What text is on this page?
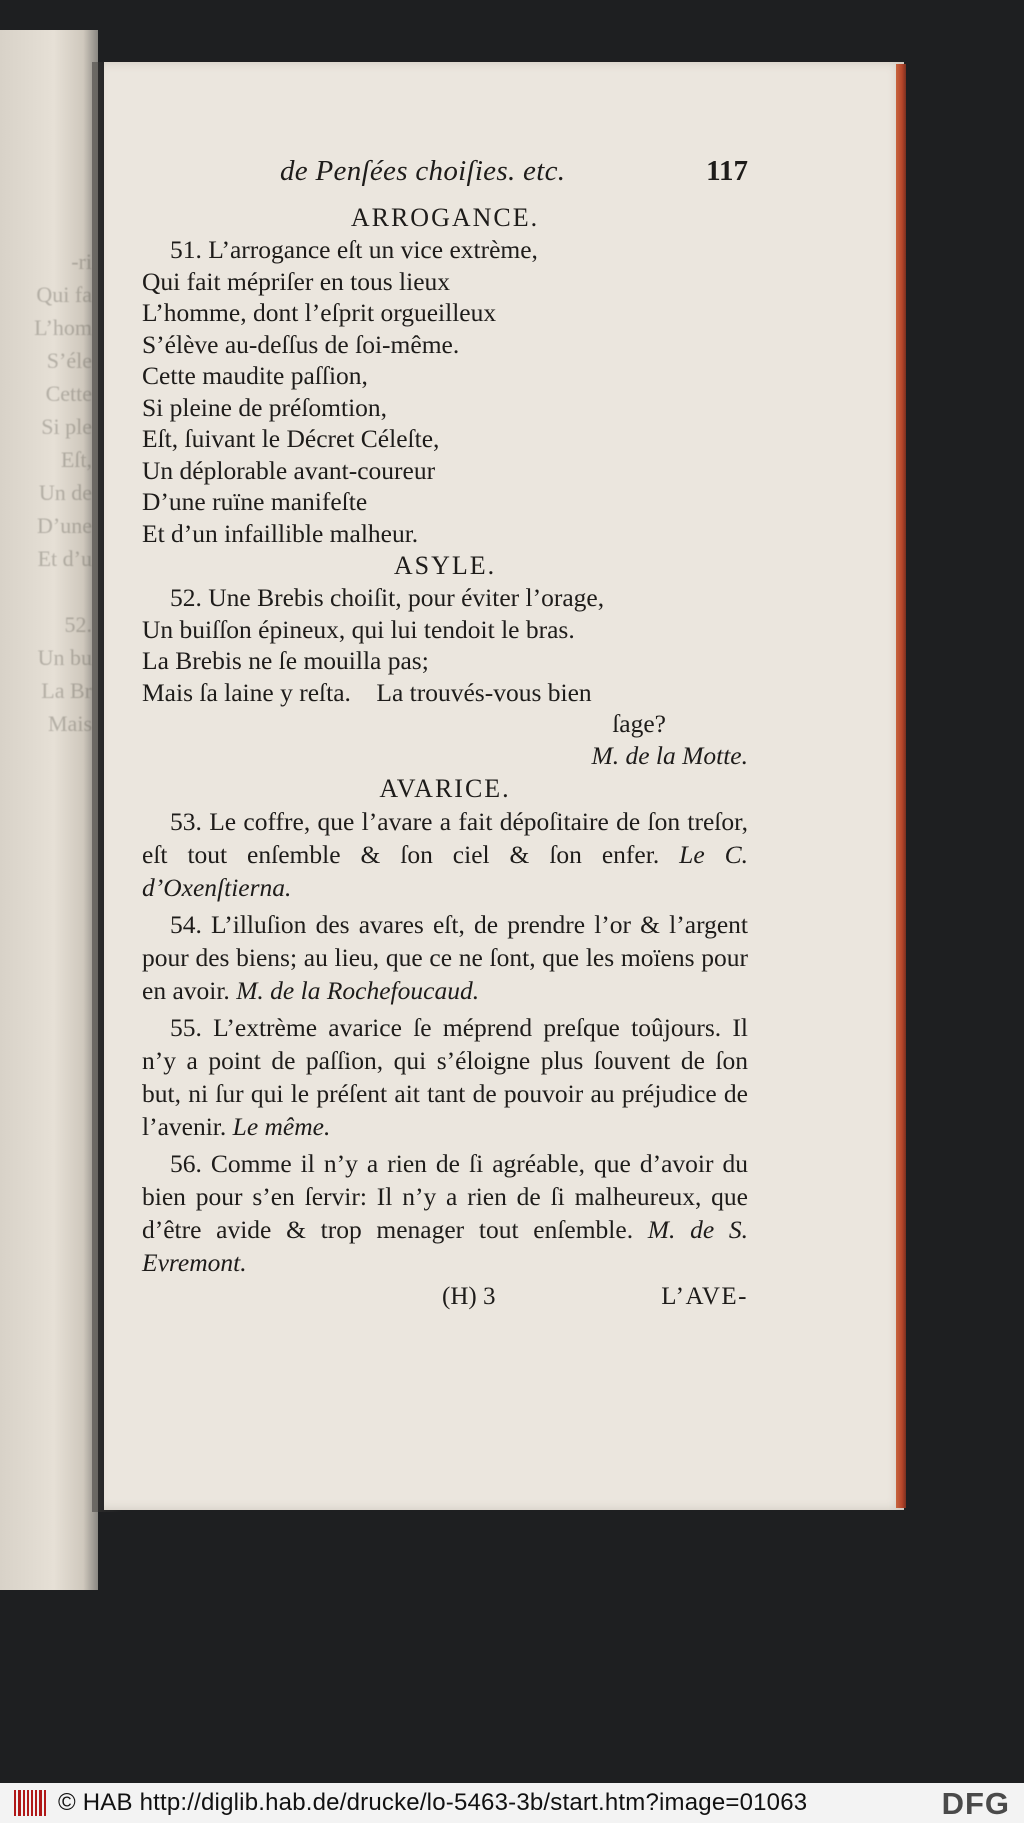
-ri
Qui fa
L’hom
S’éle
Cette
Si ple
Eſt,
Un de
D’une
Et d’u

52.
Un bu
La Br
Mais
de Penſées choiſies. etc.	117
ARROGANCE.
51. L’arrogance eſt un vice extrème,
Qui fait mépriſer en tous lieux
L’homme, dont l’eſprit orgueilleux
S’élève au-deſſus de ſoi-même.
Cette maudite paſſion,
Si pleine de préſomtion,
Eſt, ſuivant le Décret Céleſte,
Un déplorable avant-coureur
D’une ruïne manifeſte
Et d’un infaillible malheur.
ASYLE.
52. Une Brebis choiſit, pour éviter l’orage,
Un buiſſon épineux, qui lui tendoit le bras.
La Brebis ne ſe mouilla pas;
Mais ſa laine y reſta.    La trouvés-vous bien
ſage?
M. de la Motte.
AVARICE.

53. Le coffre, que l’avare a fait dépoſitaire de ſon treſor, eſt tout enſemble & ſon ciel & ſon enfer. Le C. d’Oxenſtierna.

54. L’illuſion des avares eſt, de prendre l’or & l’argent pour des biens; au lieu, que ce ne ſont, que les moïens pour en avoir. M. de la Rochefoucaud.

55. L’extrème avarice ſe méprend preſque toûjours. Il n’y a point de paſſion, qui s’éloigne plus ſouvent de ſon but, ni ſur qui le préſent ait tant de pouvoir au préjudice de l’avenir. Le même.

56. Comme il n’y a rien de ſi agréable, que d’avoir du bien pour s’en ſervir: Il n’y a rien de ſi malheureux, que d’être avide & trop menager tout enſemble. M. de S. Evremont.

(H) 3	L’AVE-
© HAB http://diglib.hab.de/drucke/lo-5463-3b/start.htm?image=01063	DFG
